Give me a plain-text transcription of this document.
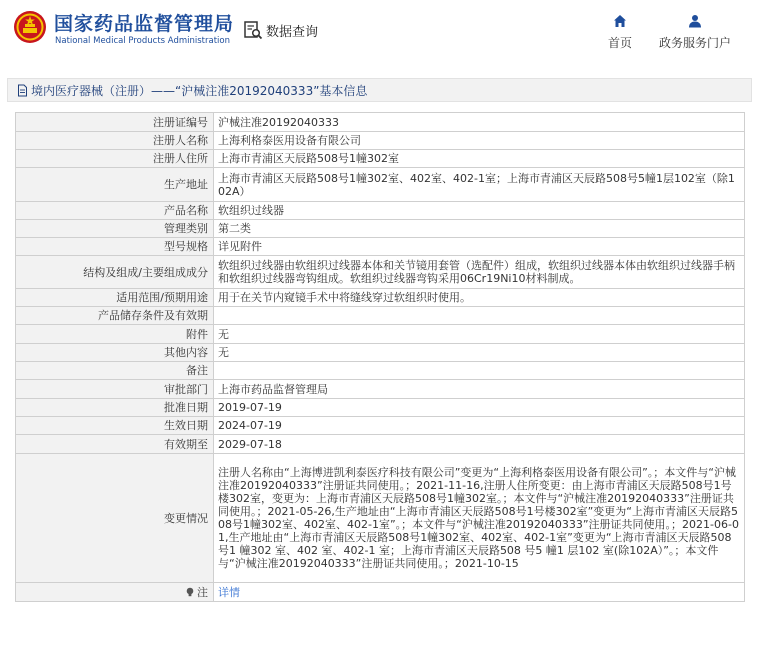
国家药品监督管理局
National Medical Products Administration
数据查询
首页	政务服务门户
境内医疗器械（注册）——“沪械注准20192040333”基本信息
注册证编号	沪械注准20192040333
注册人名称	上海利格泰医用设备有限公司
注册人住所	上海市青浦区天辰路508号1幢302室
生产地址	上海市青浦区天辰路508号1幢302室、402室、402-1室；上海市青浦区天辰路508号5幢1层102室（除102A）
产品名称	软组织过线器
管理类别	第二类
型号规格	详见附件
结构及组成/主要组成成分	软组织过线器由软组织过线器本体和关节镜用套管（选配件）组成，软组织过线器本体由软组织过线器手柄和软组织过线器弯钩组成。软组织过线器弯钩采用06Cr19Ni10材料制成。
适用范围/预期用途	用于在关节内窥镜手术中将缝线穿过软组织时使用。
产品储存条件及有效期	
附件	无
其他内容	无
备注	
审批部门	上海市药品监督管理局
批准日期	2019-07-19
生效日期	2024-07-19
有效期至	2029-07-18
变更情况	注册人名称由“上海博进凯利泰医疗科技有限公司”变更为“上海利格泰医用设备有限公司”。；本文件与“沪械注准20192040333”注册证共同使用。；2021-11-16,注册人住所变更：由上海市青浦区天辰路508号1号楼302室，变更为：上海市青浦区天辰路508号1幢302室。；本文件与“沪械注准20192040333”注册证共同使用。；2021-05-26,生产地址由“上海市青浦区天辰路508号1号楼302室”变更为“上海市青浦区天辰路508号1幢302室、402室、402-1室”。；本文件与“沪械注准20192040333”注册证共同使用。；2021-06-01,生产地址由“上海市青浦区天辰路508号1幢302室、402室、402-1室”变更为“上海市青浦区天辰路508 号1 幢302 室、402 室、402-1 室；上海市青浦区天辰路508 号5 幢1 层102 室(除102A）”。；本文件与“沪械注准20192040333”注册证共同使用。；2021-10-15
注	详情
